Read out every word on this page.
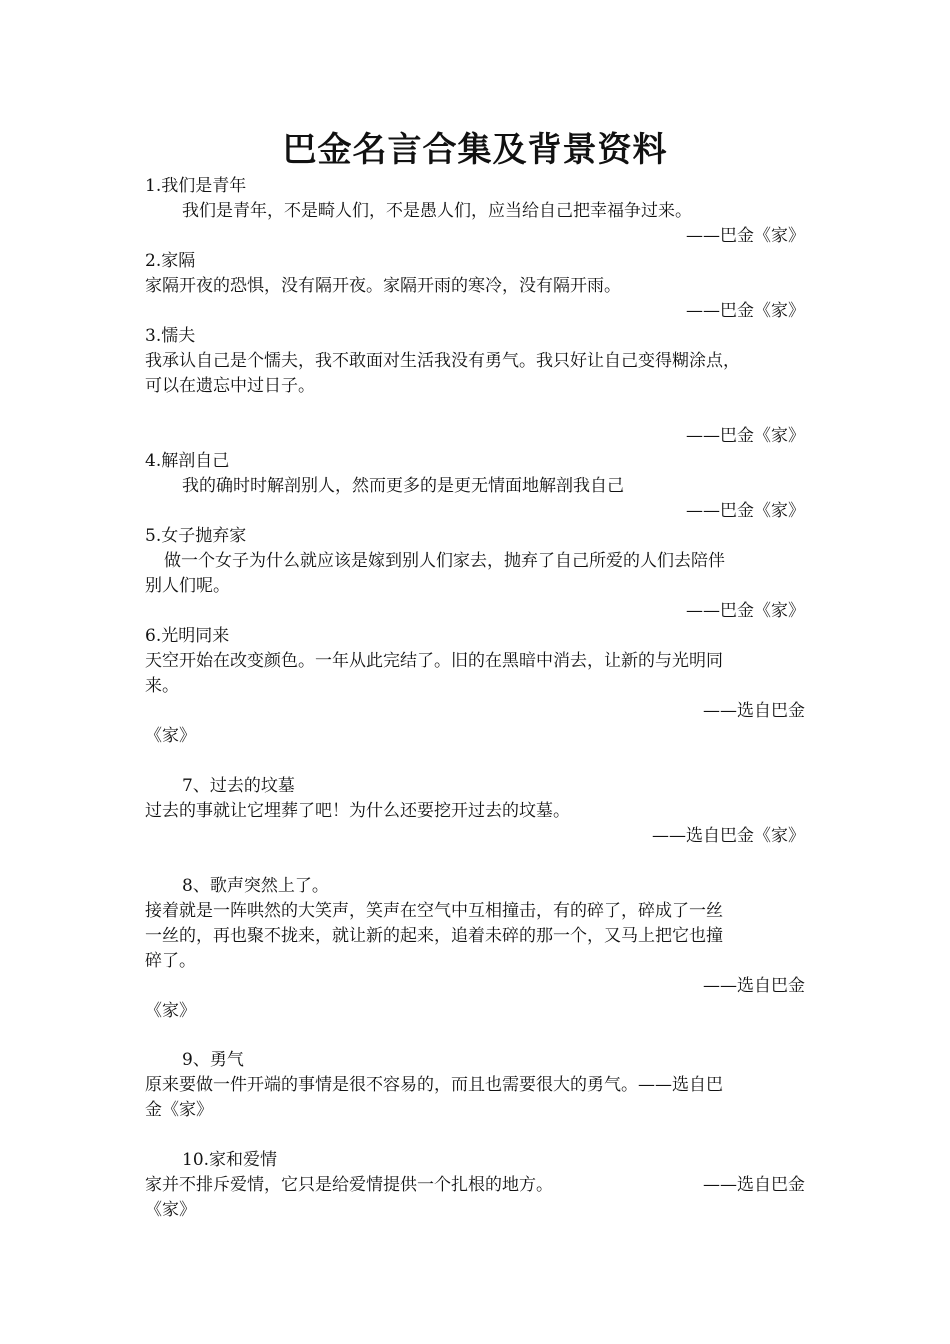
巴金名言合集及背景资料
1.我们是青年
我们是青年，不是畸人们，不是愚人们，应当给自己把幸福争过来。
——巴金《家》
2.家隔
家隔开夜的恐惧，没有隔开夜。家隔开雨的寒冷，没有隔开雨。
——巴金《家》
3.懦夫
我承认自己是个懦夫，我不敢面对生活我没有勇气。我只好让自己变得糊涂点，
可以在遗忘中过日子。
——巴金《家》
4.解剖自己
我的确时时解剖别人，然而更多的是更无情面地解剖我自己
——巴金《家》
5.女子抛弃家
做一个女子为什么就应该是嫁到别人们家去，抛弃了自己所爱的人们去陪伴
别人们呢。
——巴金《家》
6.光明同来
天空开始在改变颜色。一年从此完结了。旧的在黑暗中消去，让新的与光明同
来。
——选自巴金
《家》
7、过去的坟墓
过去的事就让它埋葬了吧！为什么还要挖开过去的坟墓。
——选自巴金《家》
8、歌声突然上了。
接着就是一阵哄然的大笑声，笑声在空气中互相撞击，有的碎了，碎成了一丝
一丝的，再也聚不拢来，就让新的起来，追着未碎的那一个，又马上把它也撞
碎了。
——选自巴金
《家》
9、勇气
原来要做一件开端的事情是很不容易的，而且也需要很大的勇气。——选自巴
金《家》
10.家和爱情
家并不排斥爱情，它只是给爱情提供一个扎根的地方。	——选自巴金
《家》
